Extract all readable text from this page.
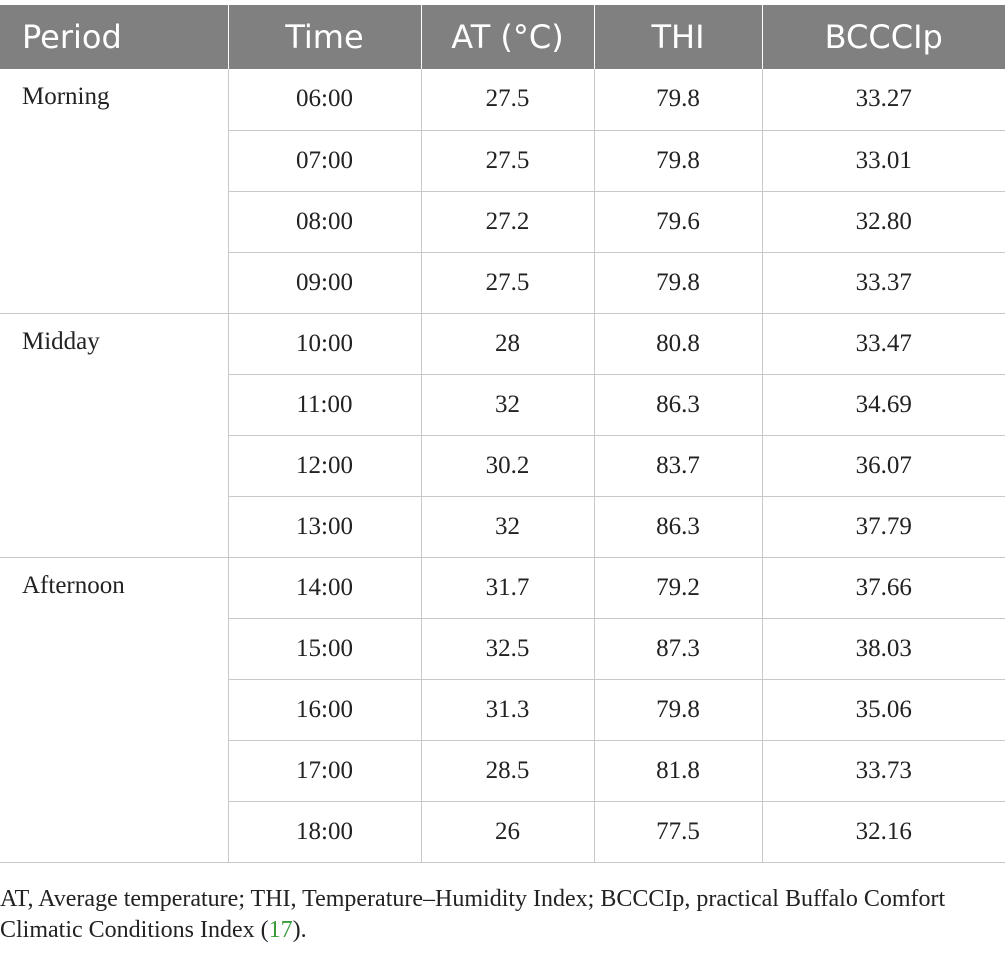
Period	Time	AT (°C)	THI	BCCCIp
Morning	06:00	27.5	79.8	33.27
	07:00	27.5	79.8	33.01
	08:00	27.2	79.6	32.80
	09:00	27.5	79.8	33.37
Midday	10:00	28	80.8	33.47
	11:00	32	86.3	34.69
	12:00	30.2	83.7	36.07
	13:00	32	86.3	37.79
Afternoon	14:00	31.7	79.2	37.66
	15:00	32.5	87.3	38.03
	16:00	31.3	79.8	35.06
	17:00	28.5	81.8	33.73
	18:00	26	77.5	32.16
AT, Average temperature; THI, Temperature–Humidity Index; BCCCIp, practical Buffalo Comfort Climatic Conditions Index (17).
